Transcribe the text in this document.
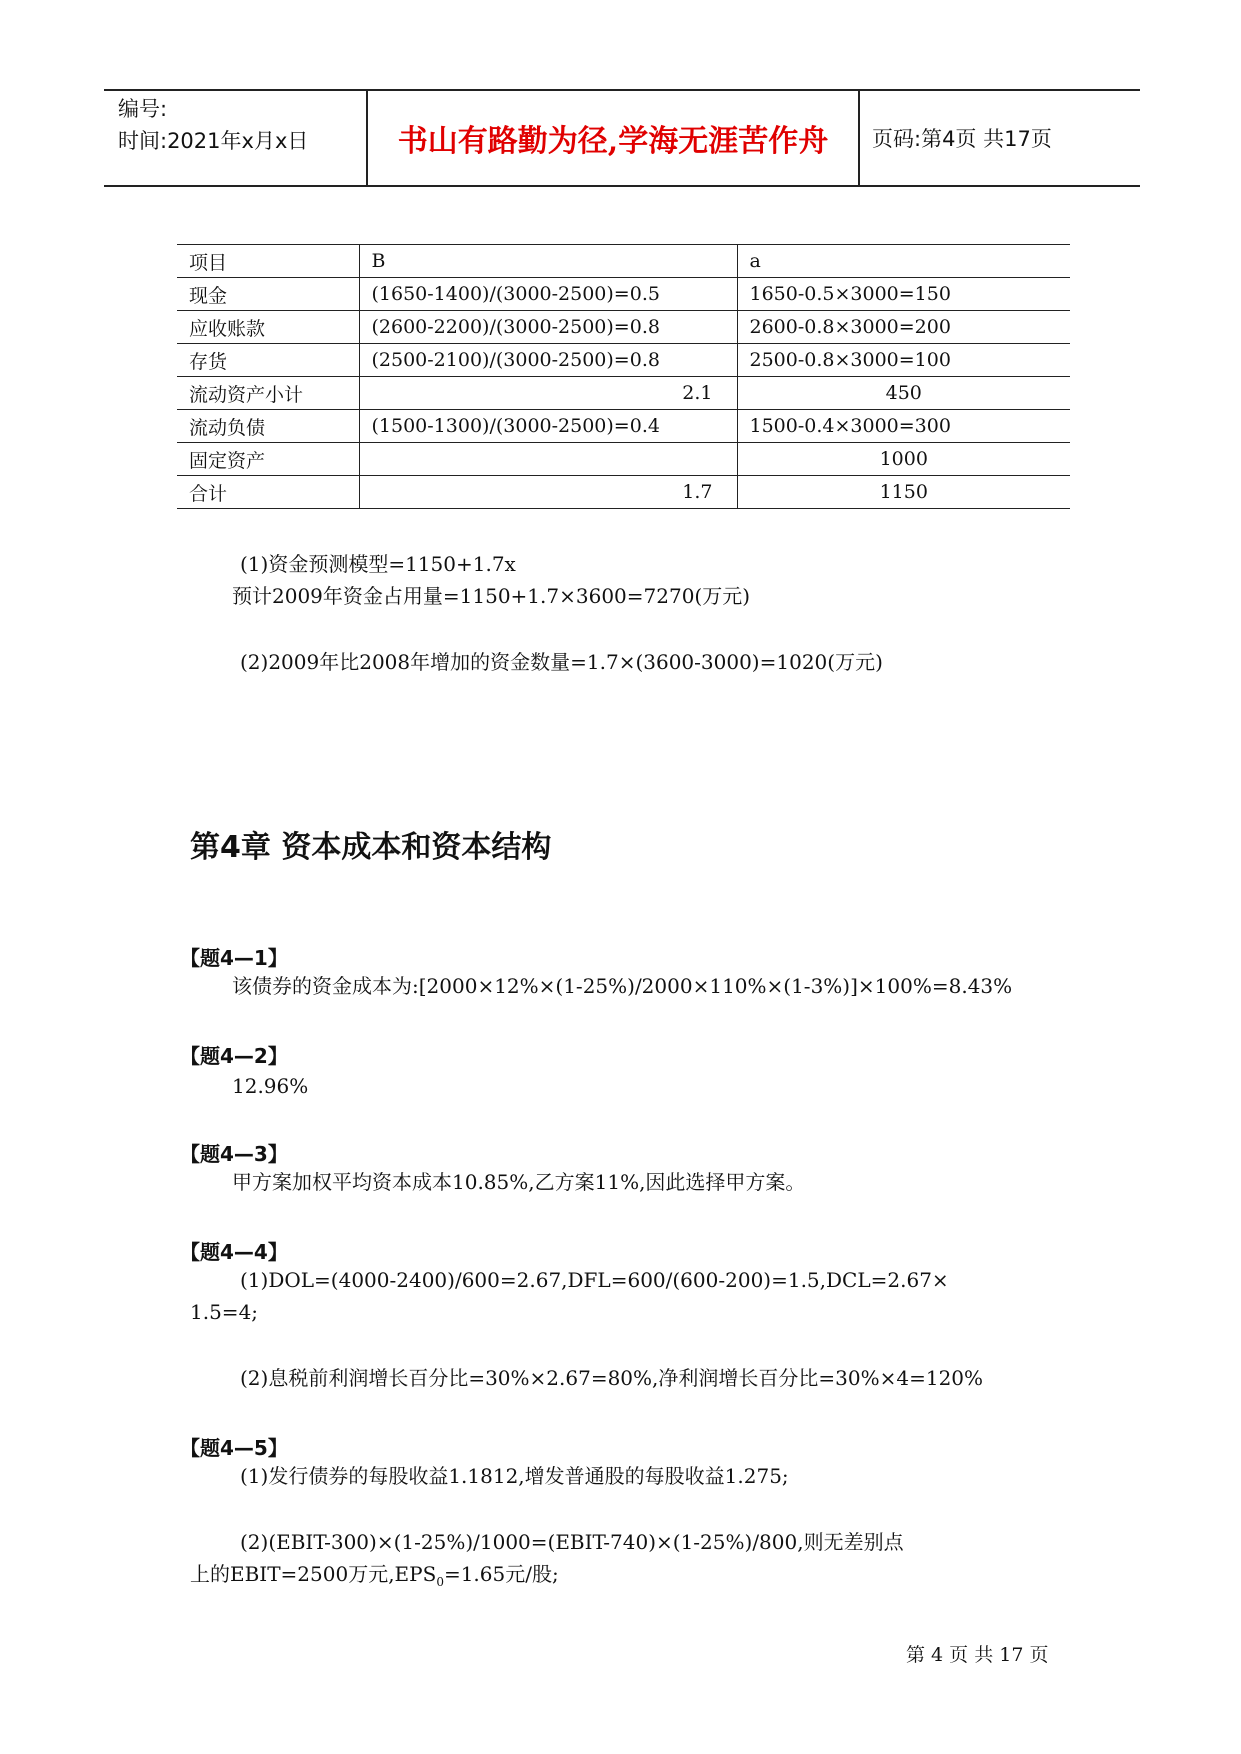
编号:
时间:2021年x月x日	书山有路勤为径,学海无涯苦作舟	页码:第4页 共17页
项目	B	a
现金	(1650-1400)/(3000-2500)=0.5	1650-0.5×3000=150
应收账款	(2600-2200)/(3000-2500)=0.8	2600-0.8×3000=200
存货	(2500-2100)/(3000-2500)=0.8	2500-0.8×3000=100
流动资产小计	2.1	450
流动负债	(1500-1300)/(3000-2500)=0.4	1500-0.4×3000=300
固定资产		1000
合计	1.7	1150
(1)资金预测模型=1150+1.7x
预计2009年资金占用量=1150+1.7×3600=7270(万元)
(2)2009年比2008年增加的资金数量=1.7×(3600-3000)=1020(万元)
第4章 资本成本和资本结构
【题4—1】
该债券的资金成本为:[2000×12%×(1-25%)/2000×110%×(1-3%)]×100%=8.43%
【题4—2】
12.96%
【题4—3】
甲方案加权平均资本成本10.85%,乙方案11%,因此选择甲方案。
【题4—4】
(1)DOL=(4000-2400)/600=2.67,DFL=600/(600-200)=1.5,DCL=2.67×
1.5=4;
(2)息税前利润增长百分比=30%×2.67=80%,净利润增长百分比=30%×4=120%
【题4—5】
(1)发行债券的每股收益1.1812,增发普通股的每股收益1.275;
(2)(EBIT-300)×(1-25%)/1000=(EBIT-740)×(1-25%)/800,则无差别点
上的EBIT=2500万元$,EPS_0=1.65$元/股;
第 4 页 共 17 页
